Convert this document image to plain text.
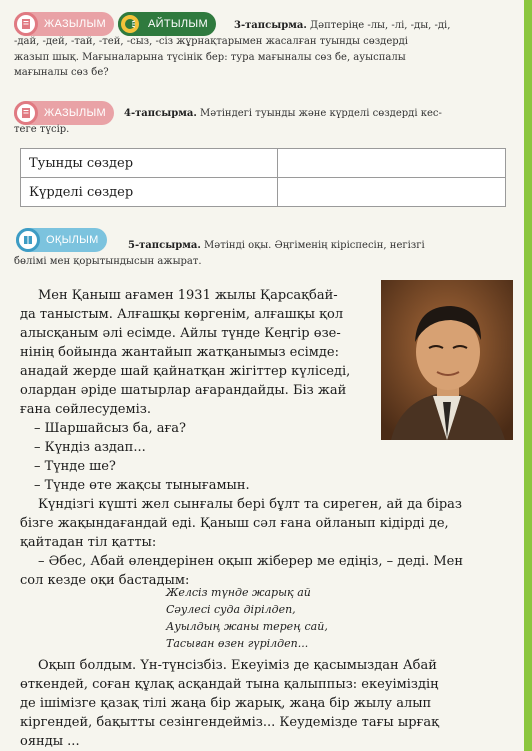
ЖАЗЫЛЫМ	АЙТЫЛЫМ	3-тапсырма. Дәптеріңе -лы, -лі, -ды, -ді,
-дай, -дей, -тай, -тей, -сыз, -сіз жұрнақтарымен жасалған туынды сөздерді
жазып шық. Мағыналарына түсінік бер: тура мағыналы сөз бе, ауыспалы
мағыналы сөз бе?
ЖАЗЫЛЫМ 4-тапсырма. Мәтіндегі туынды және күрделі сөздерді кес-
теге түсір.
Туынды сөздер	
Күрделі сөздер	
ОҚЫЛЫМ	5-тапсырма. Мәтінді оқы. Әңгіменің кіріспесін, негізгі
бөлімі мен қорытындысын ажырат.
Мен Қаныш ағамен 1931 жылы Қарсақбай-
да таныстым. Алғашқы көргенім, алғашқы қол
алысқаным әлі есімде. Айлы түнде Кеңгір өзе-
нінің бойында жантайып жатқанымыз есімде:
анадай жерде шай қайнатқан жігіттер күліседі,
олардан әріде шатырлар ағарандайды. Біз жай
ғана сөйлесудеміз.
– Шаршайсыз ба, аға?
– Күндіз аздап...
– Түнде ше?
– Түнде өте жақсы тынығамын.
Күндізгі күшті жел сынғалы бері бұлт та сиреген, ай да біраз
бізге жақындағандай еді. Қаныш сәл ғана ойланып кідірді де,
қайтадан тіл қатты:
– Әбес, Абай өлеңдерінен оқып жіберер ме едіңіз, – деді. Мен
сол кезде оқи бастадым:
Желсіз түнде жарық ай
Сәулесі суда дірілдеп,
Ауылдың жаны терең сай,
Тасыған өзен гүрілдеп...
Оқып болдым. Үн-түнсізбіз. Екеуіміз де қасымыздан Абай
өткендей, соған құлақ асқандай тына қалыппыз: екеуіміздің
де ішімізге қазақ тілі жаңа бір жарық, жаңа бір жылу алып
кіргендей, бақытты сезінгендейміз... Кеудемізде тағы ырғақ
оянды ...
